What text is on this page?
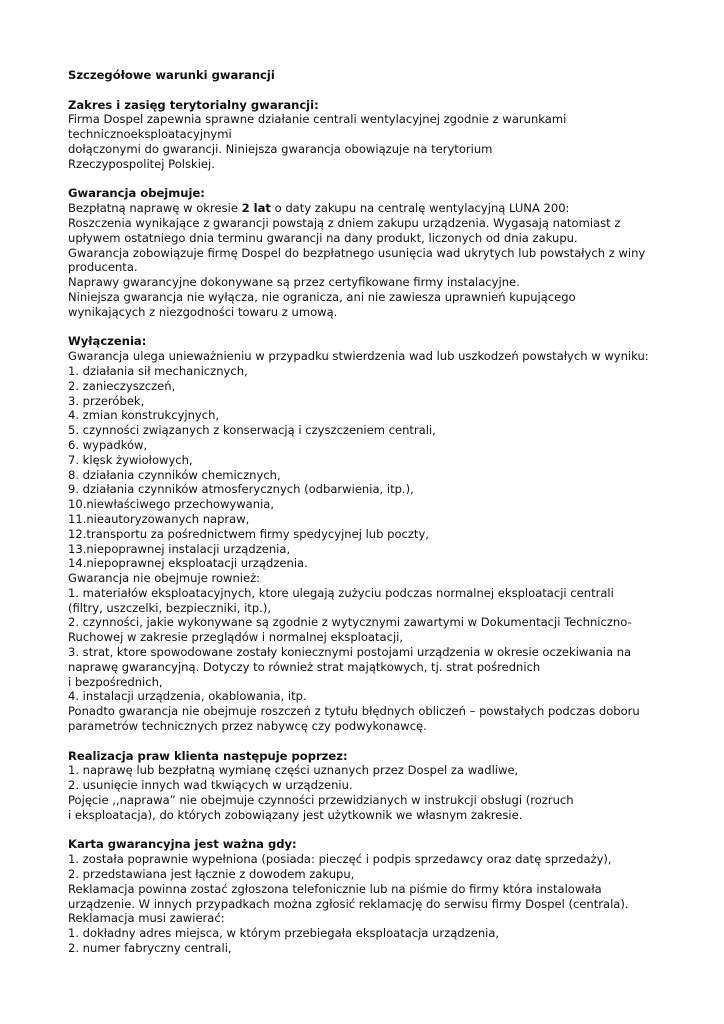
Szczegółowe warunki gwarancji
Zakres i zasięg terytorialny gwarancji:
Firma Dospel zapewnia sprawne działanie centrali wentylacyjnej zgodnie z warunkami
technicznoeksploatacyjnymi
dołączonymi do gwarancji. Niniejsza gwarancja obowiązuje na terytorium
Rzeczypospolitej Polskiej.
Gwarancja obejmuje:
Bezpłatną naprawę w okresie 2 lat o daty zakupu na centralę wentylacyjną LUNA 200:
Roszczenia wynikające z gwarancji powstają z dniem zakupu urządzenia. Wygasają natomiast z
upływem ostatniego dnia terminu gwarancji na dany produkt, liczonych od dnia zakupu.
Gwarancja zobowiązuje firmę Dospel do bezpłatnego usunięcia wad ukrytych lub powstałych z winy
producenta.
Naprawy gwarancyjne dokonywane są przez certyfikowane firmy instalacyjne.
Niniejsza gwarancja nie wyłącza, nie ogranicza, ani nie zawiesza uprawnień kupującego
wynikających z niezgodności towaru z umową.
Wyłączenia:
Gwarancja ulega unieważnieniu w przypadku stwierdzenia wad lub uszkodzeń powstałych w wyniku:
1. działania sił mechanicznych,
2. zanieczyszczeń,
3. przeróbek,
4. zmian konstrukcyjnych,
5. czynności związanych z konserwacją i czyszczeniem centrali,
6. wypadków,
7. klęsk żywiołowych,
8. działania czynników chemicznych,
9. działania czynników atmosferycznych (odbarwienia, itp.),
10.niewłaściwego przechowywania,
11.nieautoryzowanych napraw,
12.transportu za pośrednictwem firmy spedycyjnej lub poczty,
13.niepoprawnej instalacji urządzenia,
14.niepoprawnej eksploatacji urządzenia.
Gwarancja nie obejmuje rownież:
1. materiałów eksploatacyjnych, ktore ulegają zużyciu podczas normalnej eksploatacji centrali
(filtry, uszczelki, bezpieczniki, itp.),
2. czynności, jakie wykonywane są zgodnie z wytycznymi zawartymi w Dokumentacji Techniczno-
Ruchowej w zakresie przeglądów i normalnej eksploatacji,
3. strat, ktore spowodowane zostały koniecznymi postojami urządzenia w okresie oczekiwania na
naprawę gwarancyjną. Dotyczy to również strat majątkowych, tj. strat pośrednich
i bezpośrednich,
4. instalacji urządzenia, okablowania, itp.
Ponadto gwarancja nie obejmuje roszczeń z tytułu błędnych obliczeń – powstałych podczas doboru
parametrów technicznych przez nabywcę czy podwykonawcę.
Realizacja praw klienta następuje poprzez:
1. naprawę lub bezpłatną wymianę części uznanych przez Dospel za wadliwe,
2. usunięcie innych wad tkwiących w urządzeniu.
Pojęcie ,,naprawa” nie obejmuje czynności przewidzianych w instrukcji obsługi (rozruch
i eksploatacja), do których zobowiązany jest użytkownik we własnym zakresie.
Karta gwarancyjna jest ważna gdy:
1. została poprawnie wypełniona (posiada: pieczęć i podpis sprzedawcy oraz datę sprzedaży),
2. przedstawiana jest łącznie z dowodem zakupu,
Reklamacja powinna zostać zgłoszona telefonicznie lub na piśmie do firmy która instalowała
urządzenie. W innych przypadkach można zgłosić reklamację do serwisu firmy Dospel (centrala).
Reklamacja musi zawierać:
1. dokładny adres miejsca, w którym przebiegała eksploatacja urządzenia,
2. numer fabryczny centrali,
